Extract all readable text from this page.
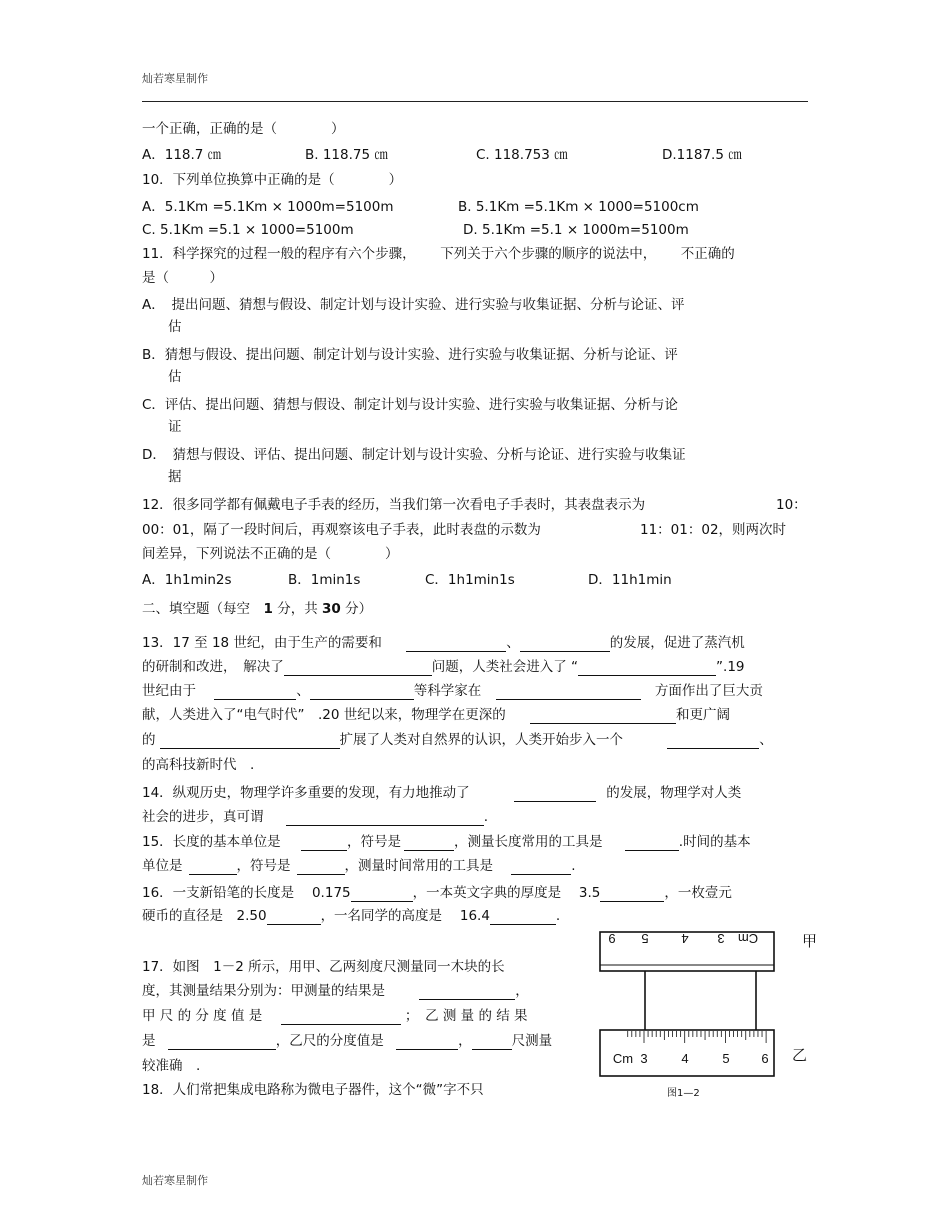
灿若寒星制作
一个正确，正确的是（　　　　）
A．118.7 ㎝	B. 118.75 ㎝	C. 118.753 ㎝	D.1187.5 ㎝
10．下列单位换算中正确的是（　　　　）
A．5.1Km =5.1Km × 1000m=5100m	B. 5.1Km =5.1Km × 1000=5100cm
C. 5.1Km =5.1 × 1000=5100m	D. 5.1Km =5.1 × 1000m=5100m
11．科学探究的过程一般的程序有六个步骤，　　 下列关于六个步骤的顺序的说法中，　　 不正确的
是（　　　）
A．　提出问题、猜想与假设、制定计划与设计实验、进行实验与收集证据、分析与论证、评
估
B．猜想与假设、提出问题、制定计划与设计实验、进行实验与收集证据、分析与论证、评
估
C．评估、提出问题、猜想与假设、制定计划与设计实验、进行实验与收集证据、分析与论
证
D．　猜想与假设、评估、提出问题、制定计划与设计实验、分析与论证、进行实验与收集证
据
12．很多同学都有佩戴电子手表的经历，当我们第一次看电子手表时，其表盘表示为	10：
00：01，隔了一段时间后，再观察该电子手表，此时表盘的示数为	11：01：02，则两次时
间差异，下列说法不正确的是（　　　　）
A．1h1min2s	B．1min1s	C．1h1min1s	D．11h1min
二、填空题（每空　1 分，共 30 分）
13．17 至 18 世纪，由于生产的需要和	、	的发展，促进了蒸汽机
的研制和改进，　解决了	问题，人类社会进入了 “	”.19
世纪由于	、	等科学家在	方面作出了巨大贡
献，人类进入了“电气时代”　.20 世纪以来，物理学在更深的	和更广阔
的	扩展了人类对自然界的认识，人类开始步入一个	、
的高科技新时代　.
14．纵观历史，物理学许多重要的发现，有力地推动了	的发展，物理学对人类
社会的进步，真可谓	.
15．长度的基本单位是	，符号是	，测量长度常用的工具是	.时间的基本
单位是	，符号是	，测量时间常用的工具是	.
16．一支新铅笔的长度是　 0.175	，一本英文字典的厚度是　 3.5	，一枚壹元
硬币的直径是　2.50	，一名同学的高度是　 16.4	.
17．如图　1－2 所示，用甲、乙两刻度尺测量同一木块的长
度，其测量结果分别为：甲测量的结果是	，
甲 尺 的 分 度 值 是	；　乙 测 量 的 结 果
是	，乙尺的分度值是	，	尺测量
较准确　.
18．人们常把集成电路称为微电子器件，这个“微”字不只
9 5	4 3 Cm	甲
Cm 3	4	5 6 乙
图1—2
灿若寒星制作
